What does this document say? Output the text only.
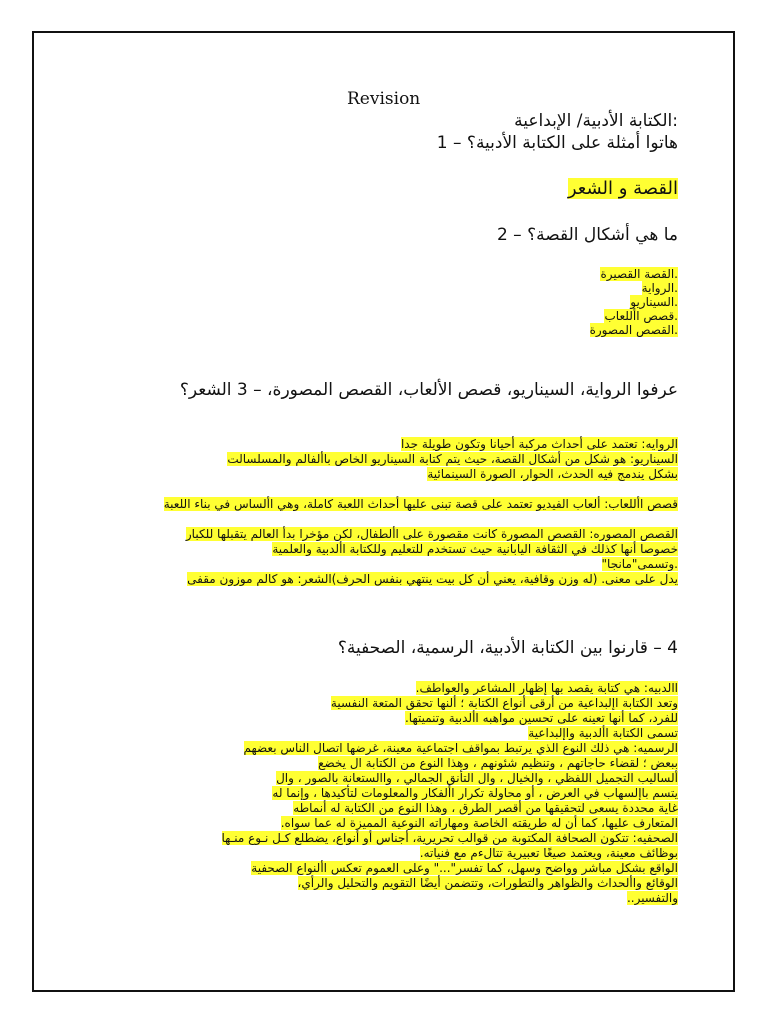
Revision

:الكتابة الأدبية/ الإبداعية

هاتوا أمثلة على الكتابة الأدبية؟ – 1

القصة و الشعر

ما هي أشكال القصة؟ – 2

.القصة القصيرة
.الرواية
.السيناريو
.قصص األلعاب
.القصص المصورة

عرفوا الرواية، السيناريو، قصص الألعاب، القصص المصورة، – 3 الشعر؟

الروايه: تعتمد على أحداث مركبة أحيانا وتكون طويلة جدا
السيناريو: هو شكل من أشكال القصة، حيث يتم كتابة السيناريو الخاص باألفالم والمسلسالت
بشكل يندمج فيه الحدث، الحوار، الصورة السينمائية
قصص األلعاب: ألعاب الفيديو تعتمد على قصة تبنى عليها أحداث اللعبة كاملة، وهي األساس في بناء اللعبة
القصص المصوره: القصص المصورة كانت مقصورة على األطفال، لكن مؤخرا بدأ العالم يتقبلها للكبار
خصوصا أنها كذلك في الثقافة اليابانية حيث تستخدم للتعليم وللكتابة األدبية والعلمية
.وتسمى"مانجا"
يدل على معنى. (له وزن وقافية، يعني أن كل بيت ينتهي بنفس الحرف)الشعر: هو كالم موزون مقفى

4 – قارنوا بين الكتابة الأدبية، الرسمية، الصحفية؟

االدبيه: هي كتابة يقصد بها إظهار المشاعر والعواطف.
وتعد الكتابة اإلبداعية من أرقى أنواع الكتابة ؛ ألنها تحقق المتعة النفسية
للفرد، كما أنها تعينه على تحسين مواهبه األدبية وتنميتها.
تسمى الكتابة األدبية واإلبداعية
الرسميه: هي ذلك النوع الذي يرتبط بمواقف اجتماعية معينة، غرضها اتصال الناس بعضهم
ببعض ؛ لقضاء حاجاتهم ، وتنظيم شئونهم ، وهذا النوع من الكتابة ال يخضع
ألساليب التجميل اللفظي ، والخيال ، وال التأنق الجمالي ، واالستعانة بالصور ، وال
يتسم باإلسهاب في العرض ، أو محاولة تكرار األفكار والمعلومات لتأكيدها ، وإنما له
غاية محددة يسعى لتحقيقها من أقصر الطرق ، وهذا النوع من الكتابة له أنماطه
المتعارف عليها، كما أن له طريقته الخاصة ومهاراته النوعية المميزة له عما سواه.
الصحفيه: تتكون الصحافة المكتوبة من قوالب تحريرية، أجناس أو أنواع، يضطلع كـل نـوع منـها
بوظائف معينة، ويعتمد صيغًا تعبيرية تتالءم مع فنياته.
الواقع بشكل مباشر وواضح وسهل، كما تفسر"..." وعلى العموم تعكس األنواع الصحفية
الوقائع واألحداث والظواهر والتطورات، وتتضمن أيضًا التقويم والتحليل والرأي،
والتفسير..
